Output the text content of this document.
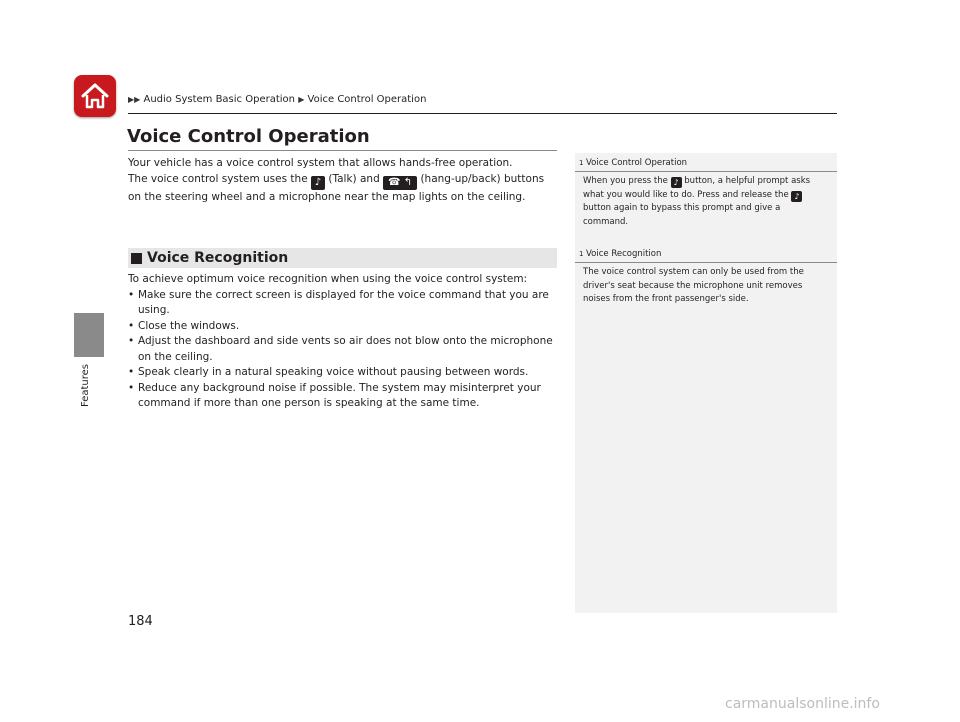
Features
▶▶ Audio System Basic Operation ▶ Voice Control Operation
Voice Control Operation

Your vehicle has a voice control system that allows hands-free operation.

The voice control system uses the ♪ (Talk) and ☎ ↰ (hang-up/back) buttons on the steering wheel and a microphone near the map lights on the ceiling.

Voice Recognition

To achieve optimum voice recognition when using the voice control system:

• Make sure the correct screen is displayed for the voice command that you are using.
• Close the windows.
• Adjust the dashboard and side vents so air does not blow onto the microphone on the ceiling.
• Speak clearly in a natural speaking voice without pausing between words.
• Reduce any background noise if possible. The system may misinterpret your command if more than one person is speaking at the same time.
1 Voice Control Operation
When you press the ♪ button, a helpful prompt asks what you would like to do. Press and release the ♪ button again to bypass this prompt and give a command.
1 Voice Recognition
The voice control system can only be used from the driver's seat because the microphone unit removes noises from the front passenger's side.
184
carmanualsonline.info
